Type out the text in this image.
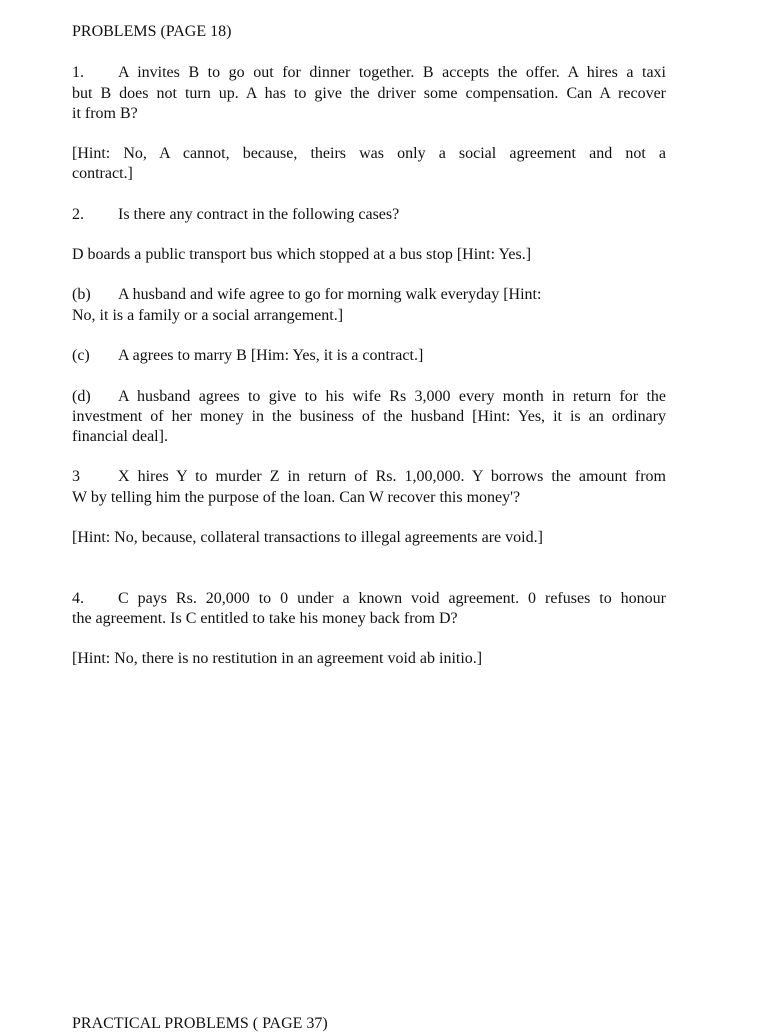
PROBLEMS (PAGE 18)
1. A invites B to go out for dinner together. B accepts the offer. A hires a taxi
but B does not turn up. A has to give the driver some compensation. Can A recover
it from B?
[Hint: No, A cannot, because, theirs was only a social agreement and not a
contract.]
2. Is there any contract in the following cases?
D boards a public transport bus which stopped at a bus stop [Hint: Yes.]
(b) A husband and wife agree to go for morning walk everyday [Hint:
No, it is a family or a social arrangement.]
(c) A agrees to marry B [Him: Yes, it is a contract.]
(d) A husband agrees to give to his wife Rs 3,000 every month in return for the
investment of her money in the business of the husband [Hint: Yes, it is an ordinary
financial deal].
3 X hires Y to murder Z in return of Rs. 1,00,000. Y borrows the amount from
W by telling him the purpose of the loan. Can W recover this money'?
[Hint: No, because, collateral transactions to illegal agreements are void.]
4. C pays Rs. 20,000 to 0 under a known void agreement. 0 refuses to honour
the agreement. Is C entitled to take his money back from D?
[Hint: No, there is no restitution in an agreement void ab initio.]
PRACTICAL PROBLEMS ( PAGE 37)
